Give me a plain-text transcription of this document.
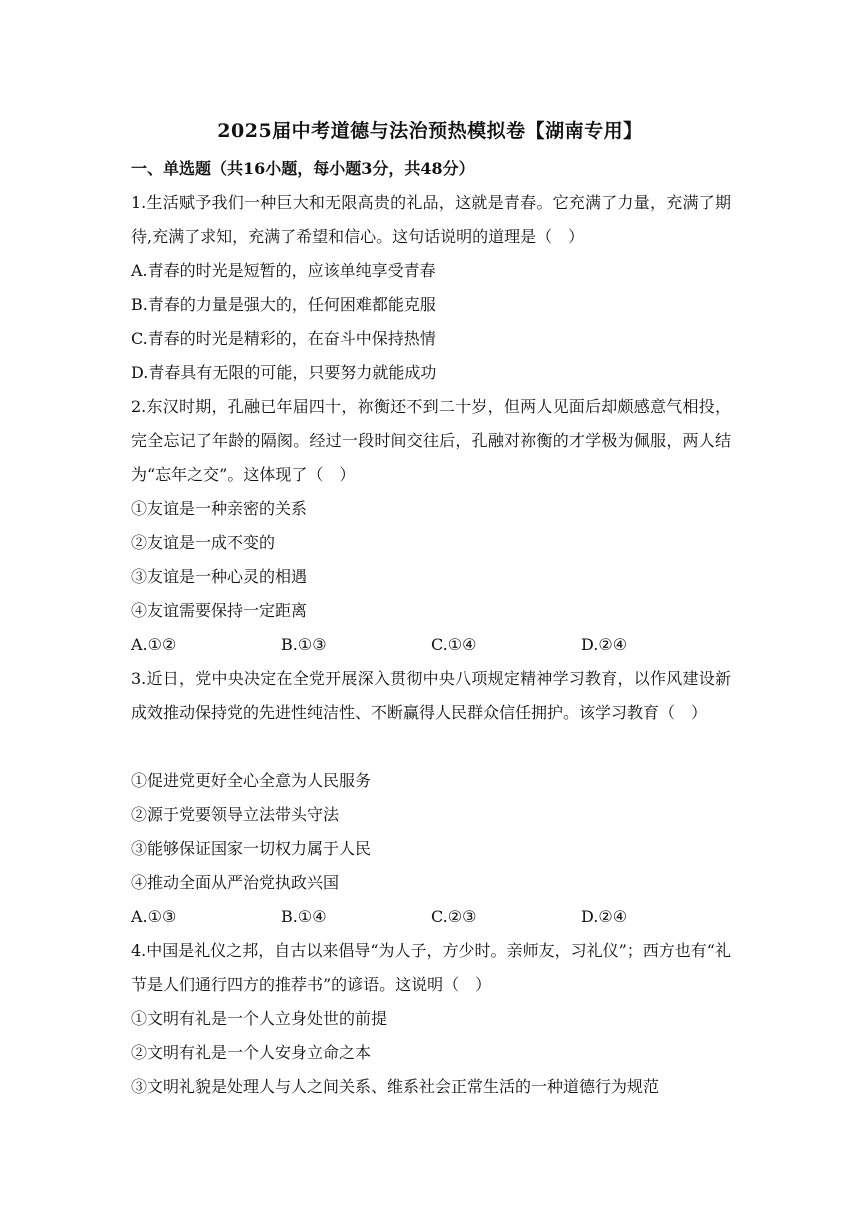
2025届中考道德与法治预热模拟卷【湖南专用】
一、单选题（共16小题，每小题3分，共48分）
1.生活赋予我们一种巨大和无限高贵的礼品，这就是青春。它充满了力量，充满了期待,充满了求知，充满了希望和信心。这句话说明的道理是（　）
A.青春的时光是短暂的，应该单纯享受青春
B.青春的力量是强大的，任何困难都能克服
C.青春的时光是精彩的，在奋斗中保持热情
D.青春具有无限的可能，只要努力就能成功
2.东汉时期，孔融已年届四十，祢衡还不到二十岁，但两人见面后却颇感意气相投，完全忘记了年龄的隔阂。经过一段时间交往后，孔融对祢衡的才学极为佩服，两人结为“忘年之交”。这体现了（　）
①友谊是一种亲密的关系
②友谊是一成不变的
③友谊是一种心灵的相遇
④友谊需要保持一定距离
A.①②	B.①③	C.①④	D.②④
3.近日，党中央决定在全党开展深入贯彻中央八项规定精神学习教育，以作风建设新成效推动保持党的先进性纯洁性、不断赢得人民群众信任拥护。该学习教育（　）
①促进党更好全心全意为人民服务
②源于党要领导立法带头守法
③能够保证国家一切权力属于人民
④推动全面从严治党执政兴国
A.①③	B.①④	C.②③	D.②④
4.中国是礼仪之邦，自古以来倡导“为人子，方少时。亲师友，习礼仪”；西方也有“礼节是人们通行四方的推荐书”的谚语。这说明（　）
①文明有礼是一个人立身处世的前提
②文明有礼是一个人安身立命之本
③文明礼貌是处理人与人之间关系、维系社会正常生活的一种道德行为规范
